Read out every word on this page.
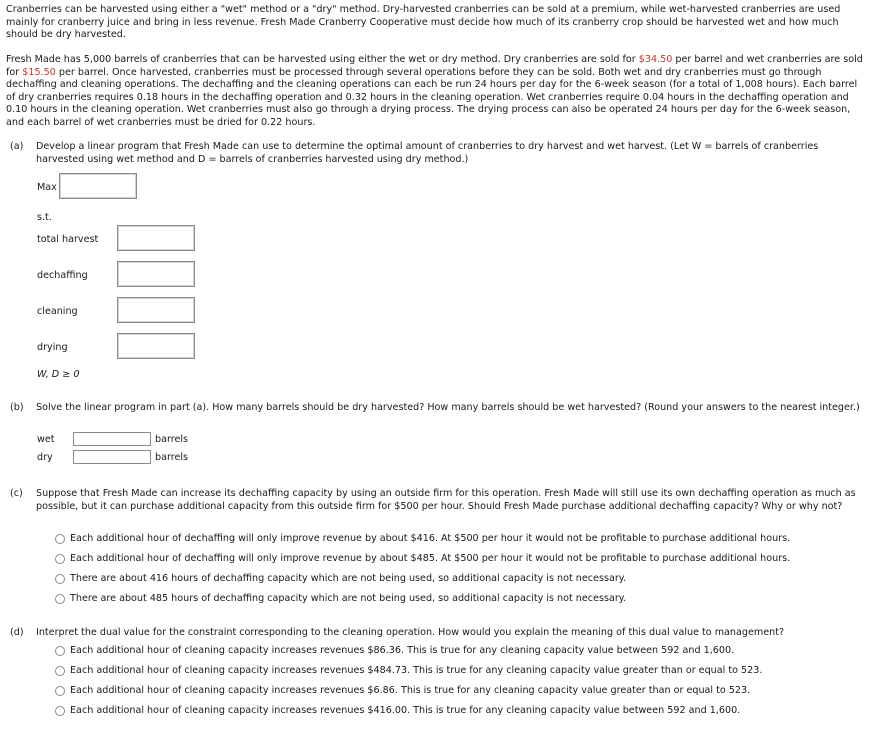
Cranberries can be harvested using either a "wet" method or a "dry" method. Dry-harvested cranberries can be sold at a premium, while wet-harvested cranberries are used mainly for cranberry juice and bring in less revenue. Fresh Made Cranberry Cooperative must decide how much of its cranberry crop should be harvested wet and how much should be dry harvested.
Fresh Made has 5,000 barrels of cranberries that can be harvested using either the wet or dry method. Dry cranberries are sold for $34.50 per barrel and wet cranberries are sold for $15.50 per barrel. Once harvested, cranberries must be processed through several operations before they can be sold. Both wet and dry cranberries must go through dechaffing and cleaning operations. The dechaffing and the cleaning operations can each be run 24 hours per day for the 6-week season (for a total of 1,008 hours). Each barrel of dry cranberries requires 0.18 hours in the dechaffing operation and 0.32 hours in the cleaning operation. Wet cranberries require 0.04 hours in the dechaffing operation and 0.10 hours in the cleaning operation. Wet cranberries must also go through a drying process. The drying process can also be operated 24 hours per day for the 6-week season, and each barrel of wet cranberries must be dried for 0.22 hours.
(a) Develop a linear program that Fresh Made can use to determine the optimal amount of cranberries to dry harvest and wet harvest. (Let W = barrels of cranberries harvested using wet method and D = barrels of cranberries harvested using dry method.)
Max
s.t.
total harvest
dechaffing
cleaning
drying
W, D ≥ 0
(b) Solve the linear program in part (a). How many barrels should be dry harvested? How many barrels should be wet harvested? (Round your answers to the nearest integer.)
wet	barrels
dry	barrels
(c) Suppose that Fresh Made can increase its dechaffing capacity by using an outside firm for this operation. Fresh Made will still use its own dechaffing operation as much as possible, but it can purchase additional capacity from this outside firm for $500 per hour. Should Fresh Made purchase additional dechaffing capacity? Why or why not?
Each additional hour of dechaffing will only improve revenue by about $416. At $500 per hour it would not be profitable to purchase additional hours.
Each additional hour of dechaffing will only improve revenue by about $485. At $500 per hour it would not be profitable to purchase additional hours.
There are about 416 hours of dechaffing capacity which are not being used, so additional capacity is not necessary.
There are about 485 hours of dechaffing capacity which are not being used, so additional capacity is not necessary.
(d) Interpret the dual value for the constraint corresponding to the cleaning operation. How would you explain the meaning of this dual value to management?
Each additional hour of cleaning capacity increases revenues $86.36. This is true for any cleaning capacity value between 592 and 1,600.
Each additional hour of cleaning capacity increases revenues $484.73. This is true for any cleaning capacity value greater than or equal to 523.
Each additional hour of cleaning capacity increases revenues $6.86. This is true for any cleaning capacity value greater than or equal to 523.
Each additional hour of cleaning capacity increases revenues $416.00. This is true for any cleaning capacity value between 592 and 1,600.
